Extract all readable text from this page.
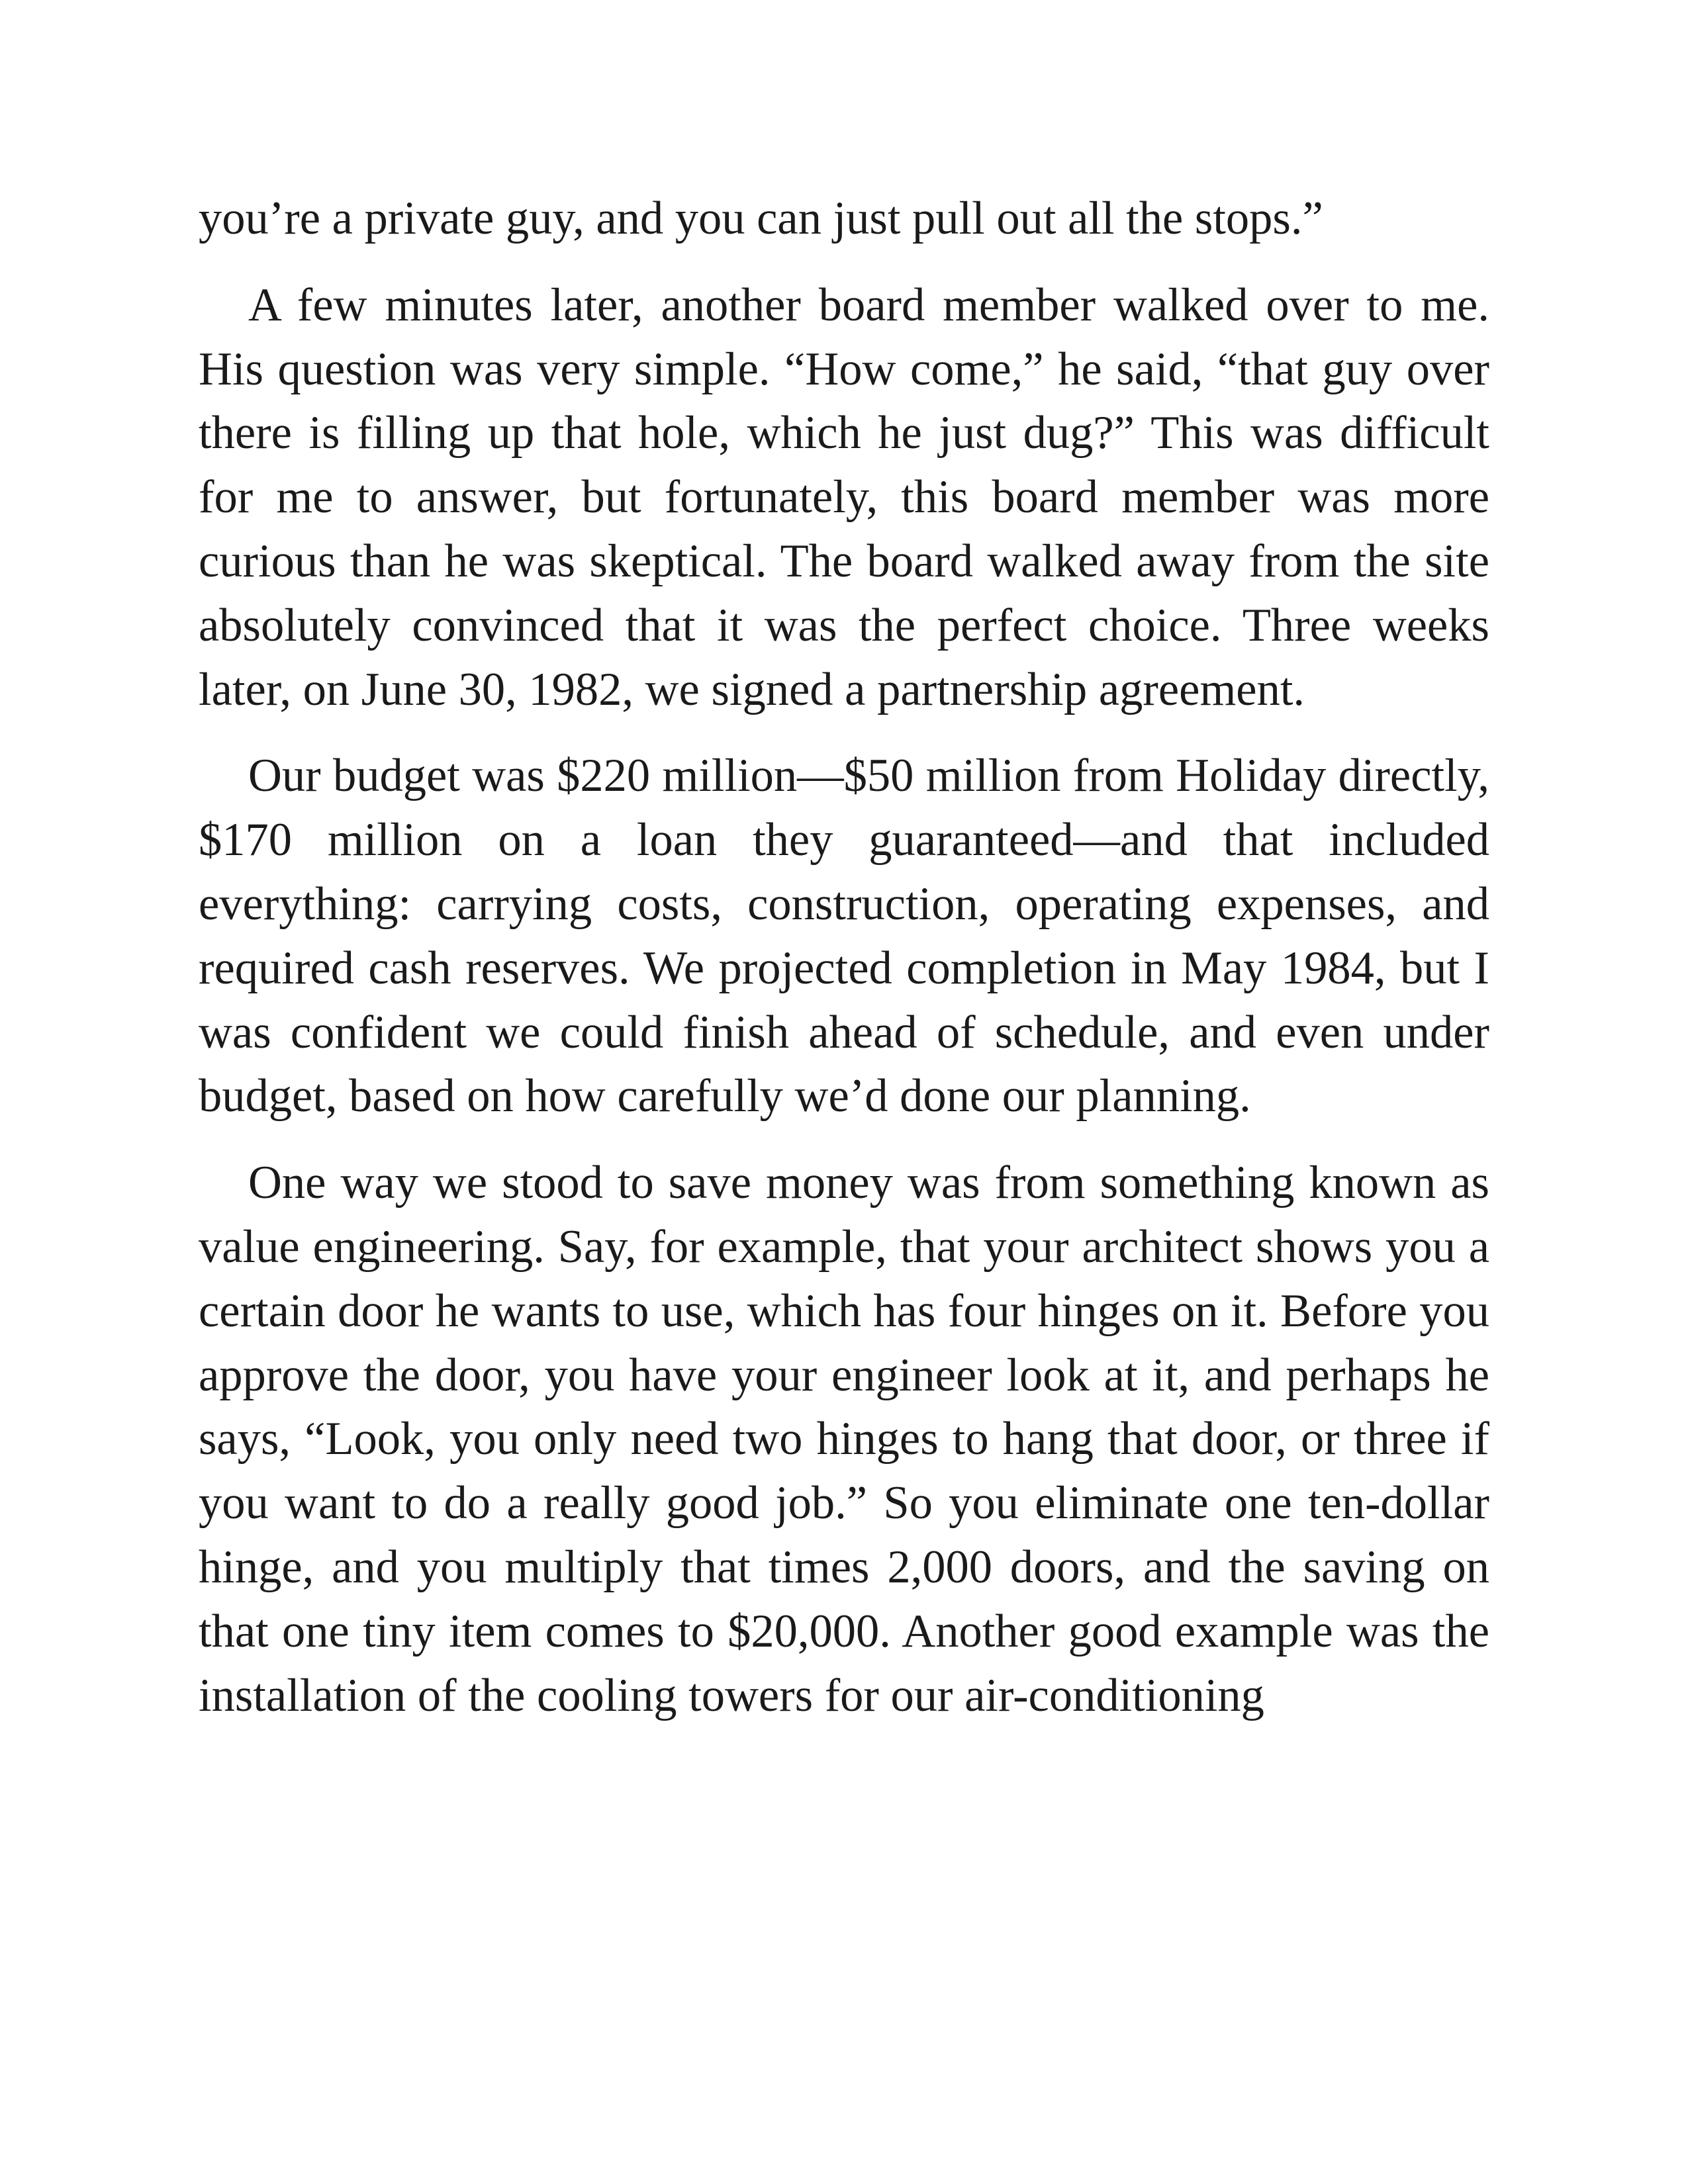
you’re a private guy, and you can just pull out all the stops.”

A few minutes later, another board member walked over to me. His question was very simple. “How come,” he said, “that guy over there is filling up that hole, which he just dug?” This was difficult for me to answer, but fortunately, this board member was more curious than he was skeptical. The board walked away from the site absolutely convinced that it was the perfect choice. Three weeks later, on June 30, 1982, we signed a partnership agreement.

Our budget was $220 million—$50 million from Holiday directly, $170 million on a loan they guaranteed—and that included everything: carrying costs, construction, operating expenses, and required cash reserves. We projected completion in May 1984, but I was confident we could finish ahead of schedule, and even under budget, based on how carefully we’d done our planning.

One way we stood to save money was from something known as value engineering. Say, for example, that your architect shows you a certain door he wants to use, which has four hinges on it. Before you approve the door, you have your engineer look at it, and perhaps he says, “Look, you only need two hinges to hang that door, or three if you want to do a really good job.” So you eliminate one ten-dollar hinge, and you multiply that times 2,000 doors, and the saving on that one tiny item comes to $20,000. Another good example was the installation of the cooling towers for our air-conditioning
